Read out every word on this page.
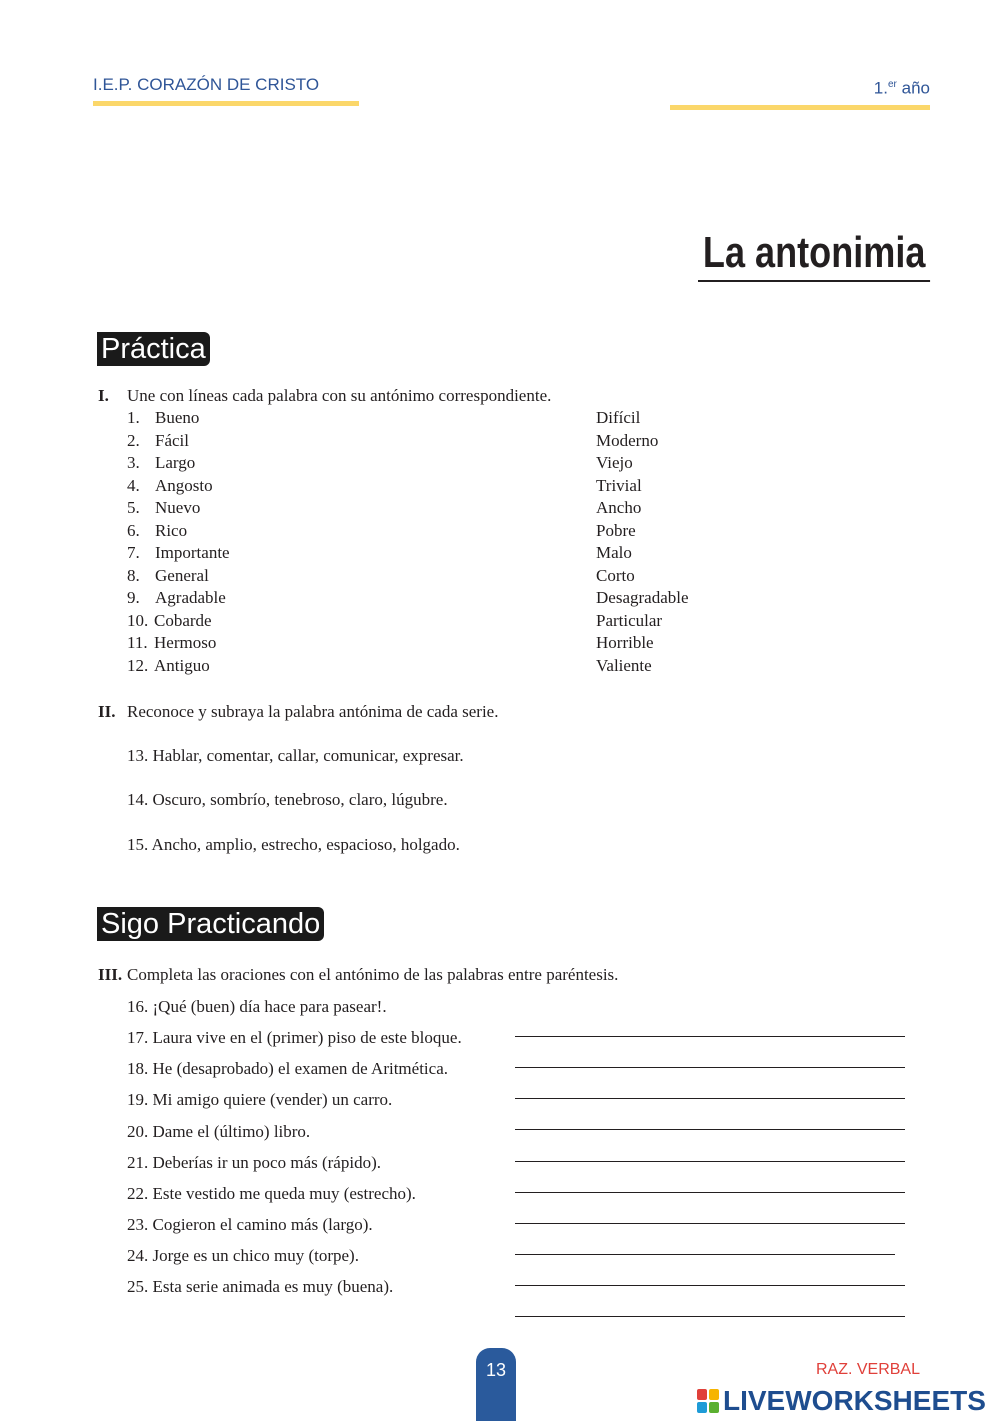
I.E.P. CORAZÓN DE CRISTO	1.$^{er}$ año
La antonimia
Práctica
I. Une con líneas cada palabra con su antónimo correspondiente.
1. Bueno
2. Fácil
3. Largo
4. Angosto
5. Nuevo
6. Rico
7. Importante
8. General
9. Agradable
10. Cobarde
11. Hermoso
12. Antiguo
Difícil
Moderno
Viejo
Trivial
Ancho
Pobre
Malo
Corto
Desagradable
Particular
Horrible
Valiente
II. Reconoce y subraya la palabra antónima de cada serie.
13. Hablar, comentar, callar, comunicar, expresar.
14. Oscuro, sombrío, tenebroso, claro, lúgubre.
15. Ancho, amplio, estrecho, espacioso, holgado.
Sigo Practicando
III. Completa las oraciones con el antónimo de las palabras entre paréntesis.
16. ¡Qué (buen) día hace para pasear!.
17. Laura vive en el (primer) piso de este bloque.
18. He (desaprobado) el examen de Aritmética.
19. Mi amigo quiere (vender) un carro.
20. Dame el (último) libro.
21. Deberías ir un poco más (rápido).
22. Este vestido me queda muy (estrecho).
23. Cogieron el camino más (largo).
24. Jorge es un chico muy (torpe).
25. Esta serie animada es muy (buena).
13	RAZ. VERBAL
LIVEWORKSHEETS
